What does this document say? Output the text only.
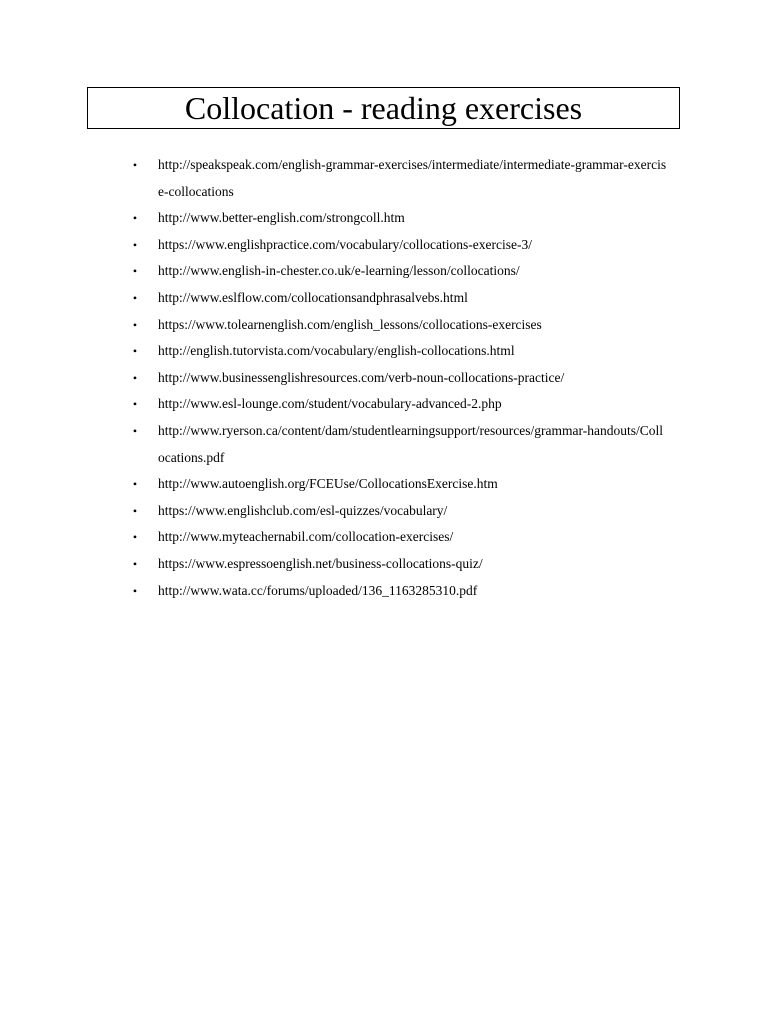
Collocation - reading exercises
•	http://speakspeak.com/english-grammar-exercises/intermediate/intermediate-grammar-exercise-collocations
•	http://www.better-english.com/strongcoll.htm
•	https://www.englishpractice.com/vocabulary/collocations-exercise-3/
•	http://www.english-in-chester.co.uk/e-learning/lesson/collocations/
•	http://www.eslflow.com/collocationsandphrasalvebs.html
•	https://www.tolearnenglish.com/english_lessons/collocations-exercises
•	http://english.tutorvista.com/vocabulary/english-collocations.html
•	http://www.businessenglishresources.com/verb-noun-collocations-practice/
•	http://www.esl-lounge.com/student/vocabulary-advanced-2.php
•	http://www.ryerson.ca/content/dam/studentlearningsupport/resources/grammar-handouts/Collocations.pdf
•	http://www.autoenglish.org/FCEUse/CollocationsExercise.htm
•	https://www.englishclub.com/esl-quizzes/vocabulary/
•	http://www.myteachernabil.com/collocation-exercises/
•	https://www.espressoenglish.net/business-collocations-quiz/
•	http://www.wata.cc/forums/uploaded/136_1163285310.pdf
